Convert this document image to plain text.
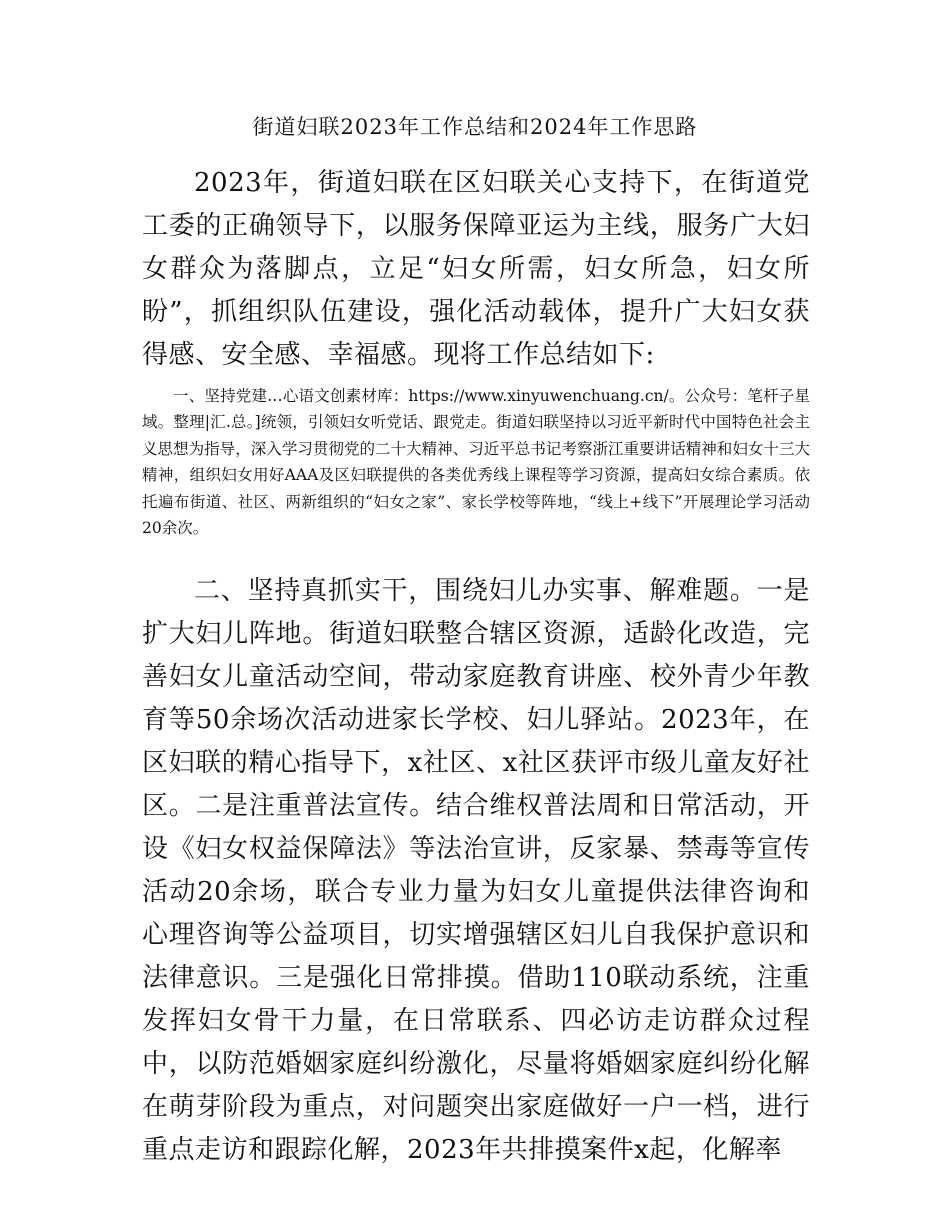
街道妇联2023年工作总结和2024年工作思路

2023年，街道妇联在区妇联关心支持下，在街道党工委的正确领导下，以服务保障亚运为主线，服务广大妇女群众为落脚点，立足“妇女所需，妇女所急，妇女所盼”，抓组织队伍建设，强化活动载体，提升广大妇女获得感、安全感、幸福感。现将工作总结如下:

一、坚持党建…心语文创素材库：https://www.xinyuwenchuang.cn/。公众号：笔杆子星域。整理|汇.总。]统领，引领妇女听党话、跟党走。街道妇联坚持以习近平新时代中国特色社会主义思想为指导，深入学习贯彻党的二十大精神、习近平总书记考察浙江重要讲话精神和妇女十三大精神，组织妇女用好AAA及区妇联提供的各类优秀线上课程等学习资源，提高妇女综合素质。依托遍布街道、社区、两新组织的“妇女之家”、家长学校等阵地，“线上+线下”开展理论学习活动20余次。

二、坚持真抓实干，围绕妇儿办实事、解难题。一是扩大妇儿阵地。街道妇联整合辖区资源，适龄化改造，完善妇女儿童活动空间，带动家庭教育讲座、校外青少年教育等50余场次活动进家长学校、妇儿驿站。2023年，在区妇联的精心指导下，x社区、x社区获评市级儿童友好社区。二是注重普法宣传。结合维权普法周和日常活动，开设《妇女权益保障法》等法治宣讲，反家暴、禁毒等宣传活动20余场，联合专业力量为妇女儿童提供法律咨询和心理咨询等公益项目，切实增强辖区妇儿自我保护意识和法律意识。三是强化日常排摸。借助110联动系统，注重发挥妇女骨干力量，在日常联系、四必访走访群众过程中，以防范婚姻家庭纠纷激化，尽量将婚姻家庭纠纷化解在萌芽阶段为重点，对问题突出家庭做好一户一档，进行重点走访和跟踪化解，2023年共排摸案件x起，化解率
